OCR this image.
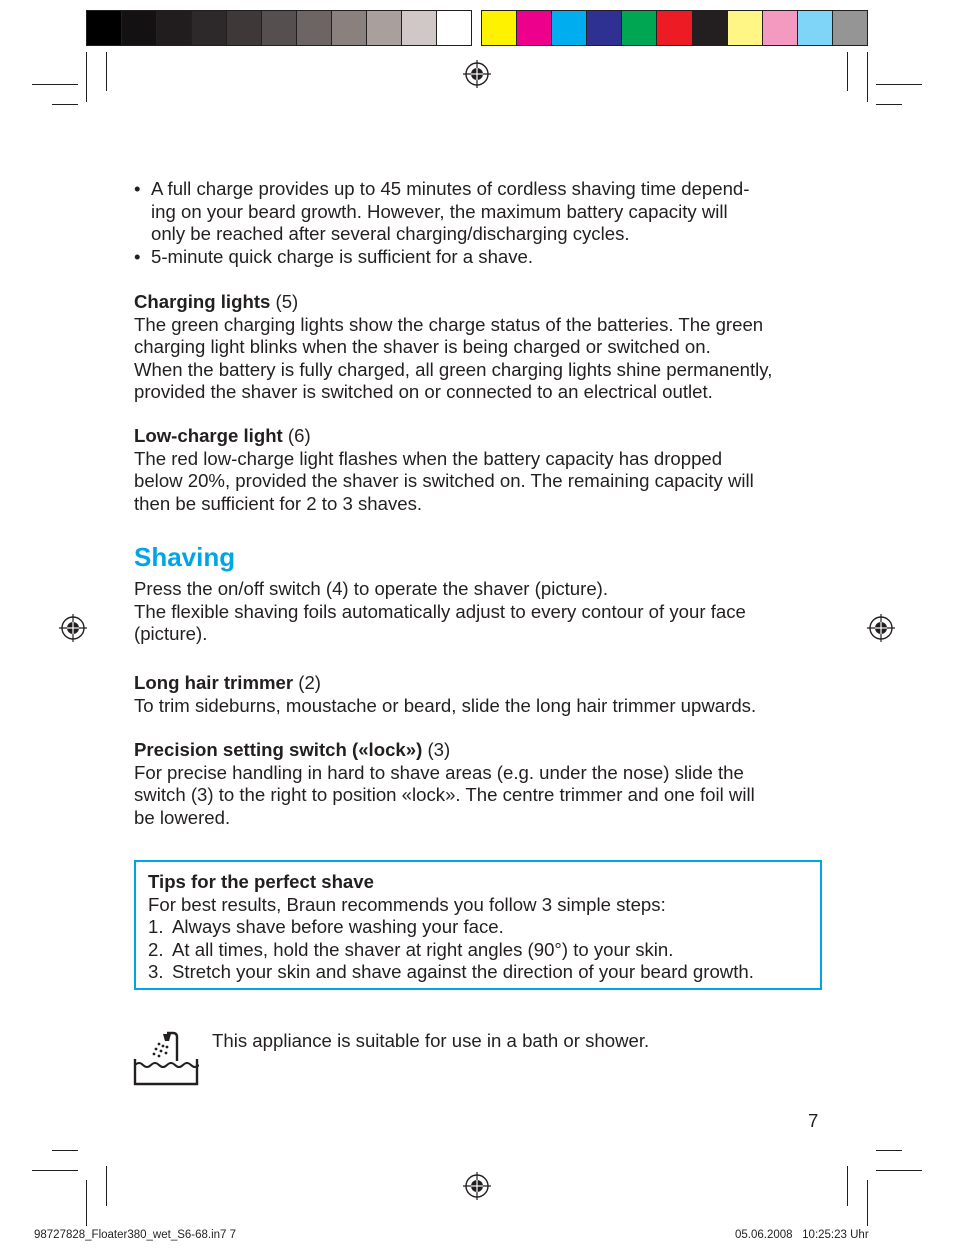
• A full charge provides up to 45 minutes of cordless shaving time depend-
ing on your beard growth. However, the maximum battery capacity will
only be reached after several charging/discharging cycles.
• 5-minute quick charge is sufficient for a shave.
Charging lights (5)
The green charging lights show the charge status of the batteries. The green
charging light blinks when the shaver is being charged or switched on.
When the battery is fully charged, all green charging lights shine permanently,
provided the shaver is switched on or connected to an electrical outlet.
Low-charge light (6)
The red low-charge light flashes when the battery capacity has dropped
below 20%, provided the shaver is switched on. The remaining capacity will
then be sufficient for 2 to 3 shaves.
Shaving
Press the on/off switch (4) to operate the shaver (picture).
The flexible shaving foils automatically adjust to every contour of your face
(picture).
Long hair trimmer (2)
To trim sideburns, moustache or beard, slide the long hair trimmer upwards.
Precision setting switch («lock») (3)
For precise handling in hard to shave areas (e.g. under the nose) slide the
switch (3) to the right to position «lock». The centre trimmer and one foil will
be lowered.
Tips for the perfect shave
For best results, Braun recommends you follow 3 simple steps:
1. Always shave before washing your face.
2. At all times, hold the shaver at right angles (90°) to your skin.
3. Stretch your skin and shave against the direction of your beard growth.
This appliance is suitable for use in a bath or shower.
7
98727828_Floater380_wet_S6-68.in7 7	05.06.2008 10:25:23 Uhr
